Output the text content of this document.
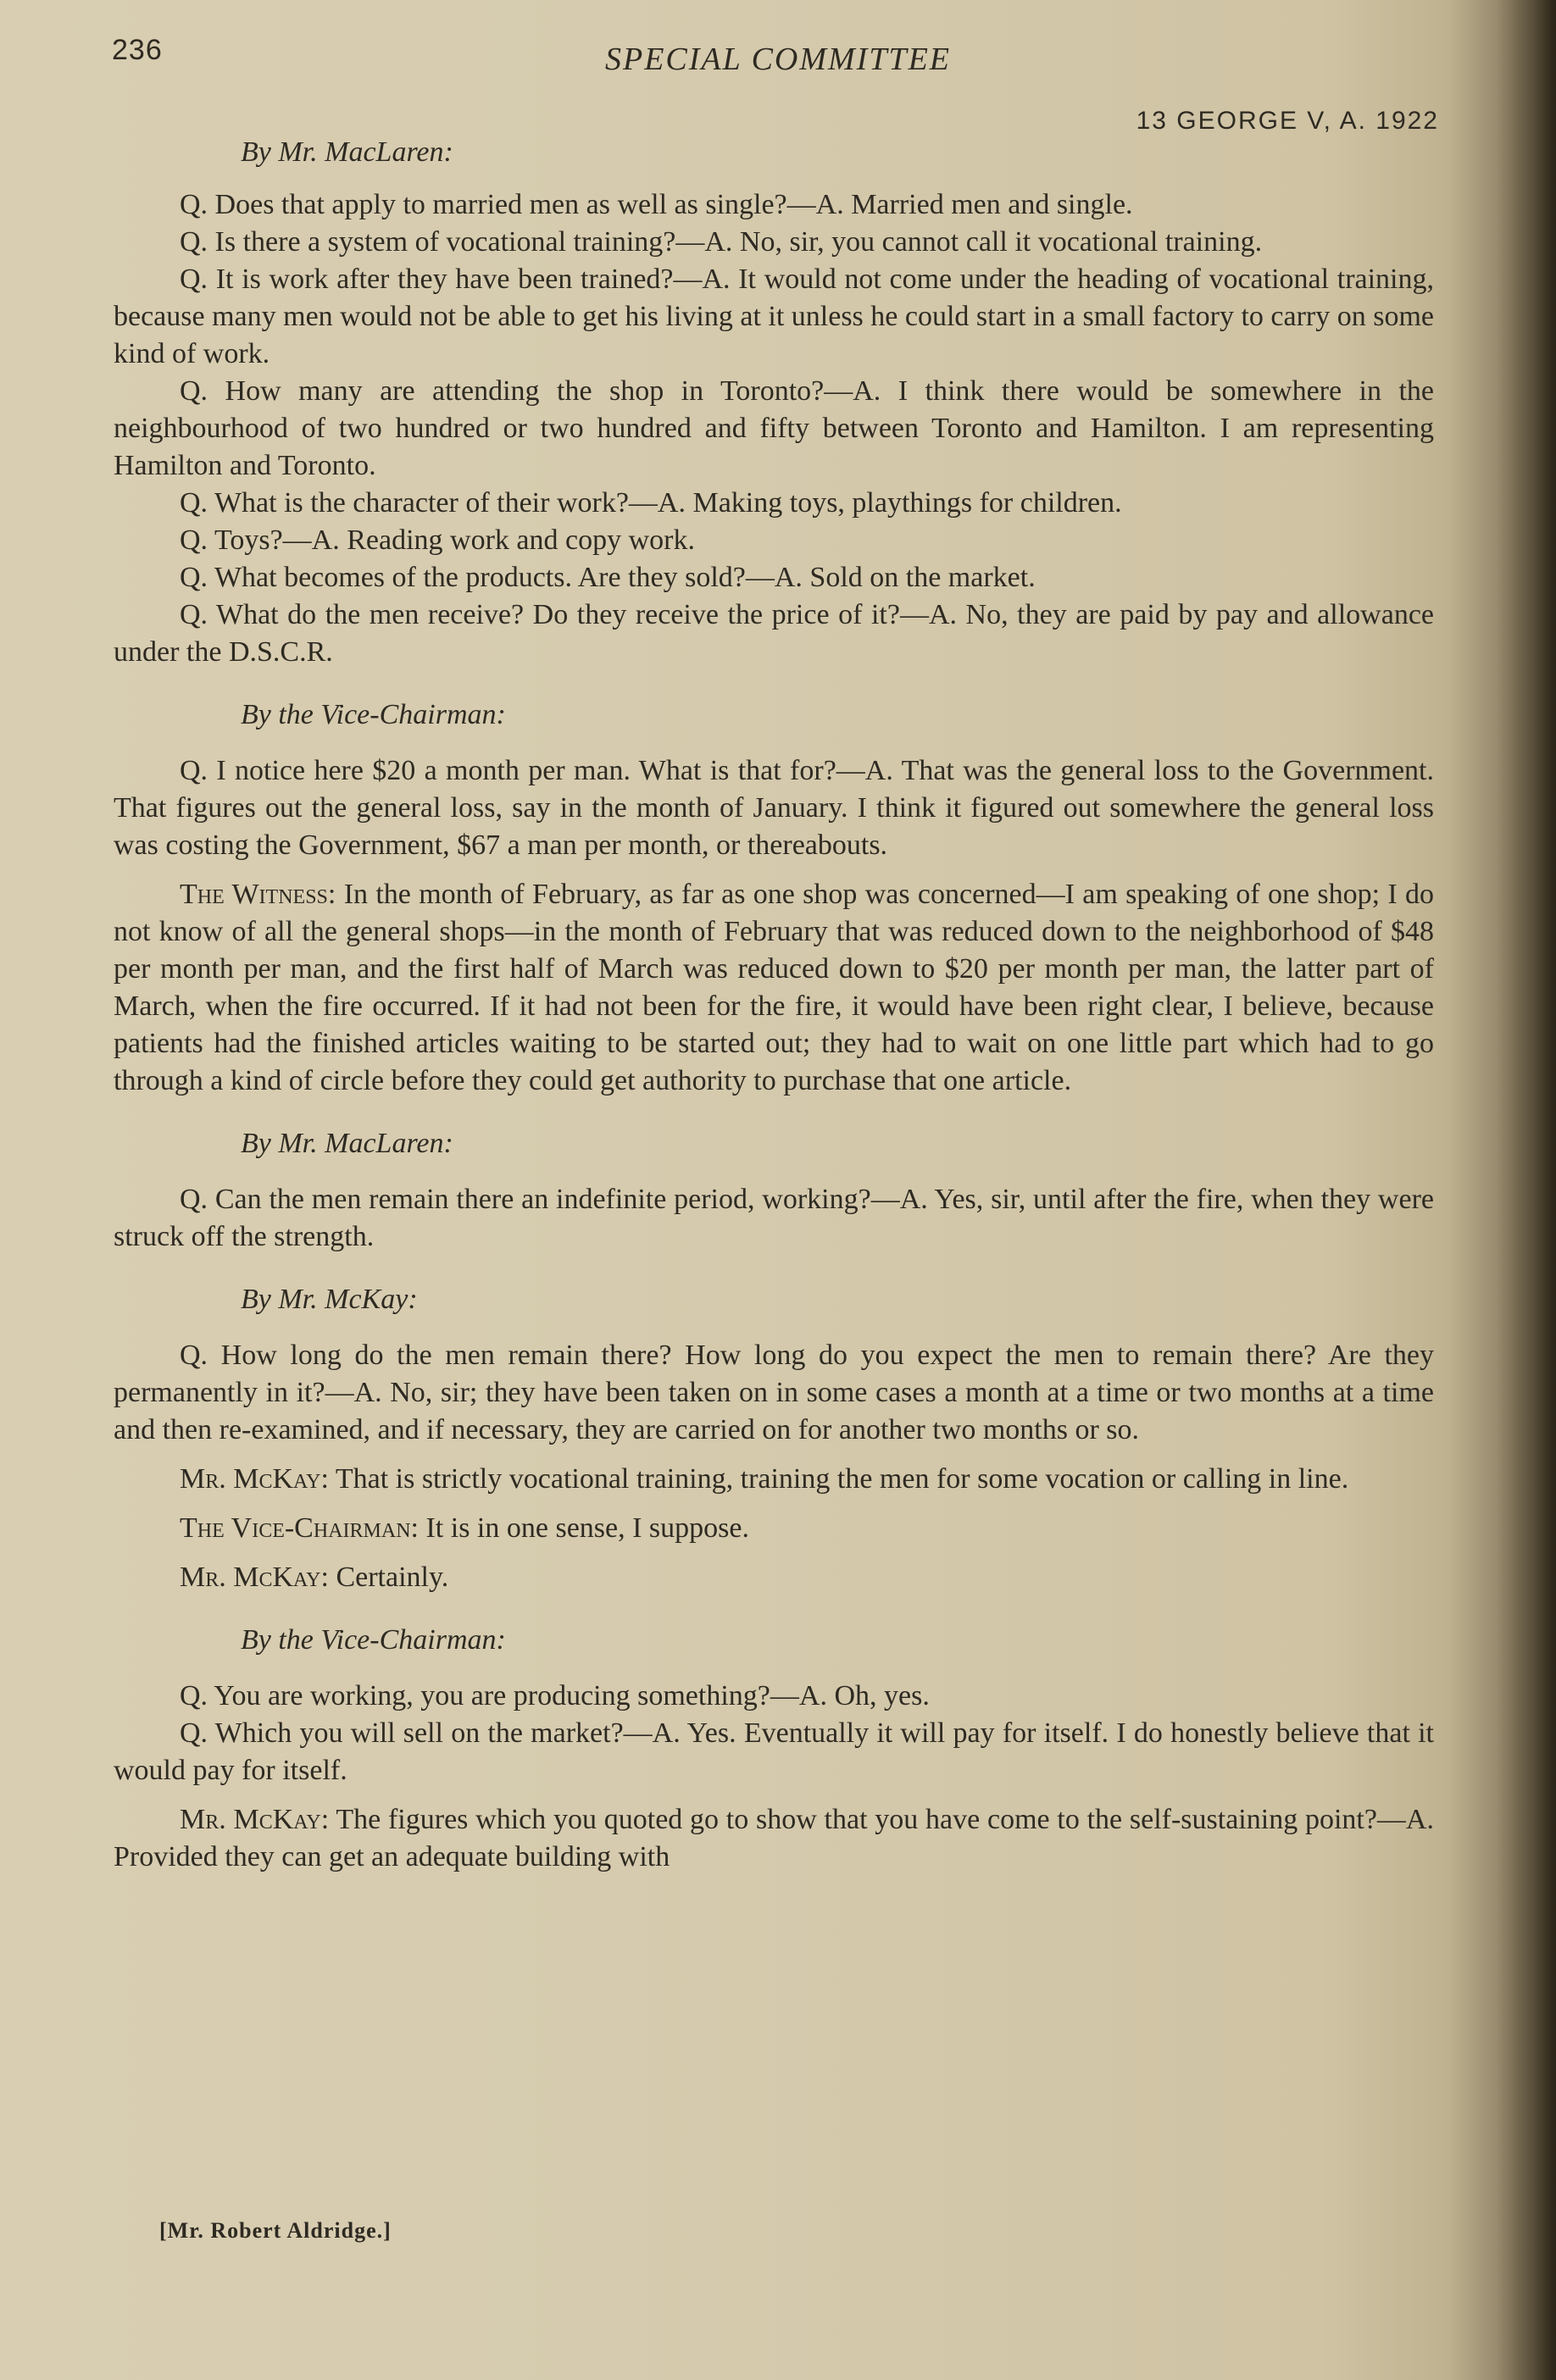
236	SPECIAL COMMITTEE
13 GEORGE V, A. 1922

By Mr. MacLaren:

Q. Does that apply to married men as well as single?—A. Married men and single.

Q. Is there a system of vocational training?—A. No, sir, you cannot call it vocational training.

Q. It is work after they have been trained?—A. It would not come under the heading of vocational training, because many men would not be able to get his living at it unless he could start in a small factory to carry on some kind of work.

Q. How many are attending the shop in Toronto?—A. I think there would be somewhere in the neighbourhood of two hundred or two hundred and fifty between Toronto and Hamilton. I am representing Hamilton and Toronto.

Q. What is the character of their work?—A. Making toys, playthings for children.

Q. Toys?—A. Reading work and copy work.

Q. What becomes of the products. Are they sold?—A. Sold on the market.

Q. What do the men receive? Do they receive the price of it?—A. No, they are paid by pay and allowance under the D.S.C.R.

By the Vice-Chairman:

Q. I notice here $20 a month per man. What is that for?—A. That was the general loss to the Government. That figures out the general loss, say in the month of January. I think it figured out somewhere the general loss was costing the Government, $67 a man per month, or thereabouts.

The Witness: In the month of February, as far as one shop was concerned—I am speaking of one shop; I do not know of all the general shops—in the month of February that was reduced down to the neighborhood of $48 per month per man, and the first half of March was reduced down to $20 per month per man, the latter part of March, when the fire occurred. If it had not been for the fire, it would have been right clear, I believe, because patients had the finished articles waiting to be started out; they had to wait on one little part which had to go through a kind of circle before they could get authority to purchase that one article.

By Mr. MacLaren:

Q. Can the men remain there an indefinite period, working?—A. Yes, sir, until after the fire, when they were struck off the strength.

By Mr. McKay:

Q. How long do the men remain there? How long do you expect the men to remain there? Are they permanently in it?—A. No, sir; they have been taken on in some cases a month at a time or two months at a time and then re-examined, and if necessary, they are carried on for another two months or so.

Mr. McKay: That is strictly vocational training, training the men for some vocation or calling in line.

The Vice-Chairman: It is in one sense, I suppose.

Mr. McKay: Certainly.

By the Vice-Chairman:

Q. You are working, you are producing something?—A. Oh, yes.

Q. Which you will sell on the market?—A. Yes. Eventually it will pay for itself. I do honestly believe that it would pay for itself.

Mr. McKay: The figures which you quoted go to show that you have come to the self-sustaining point?—A. Provided they can get an adequate building with

[Mr. Robert Aldridge.]
